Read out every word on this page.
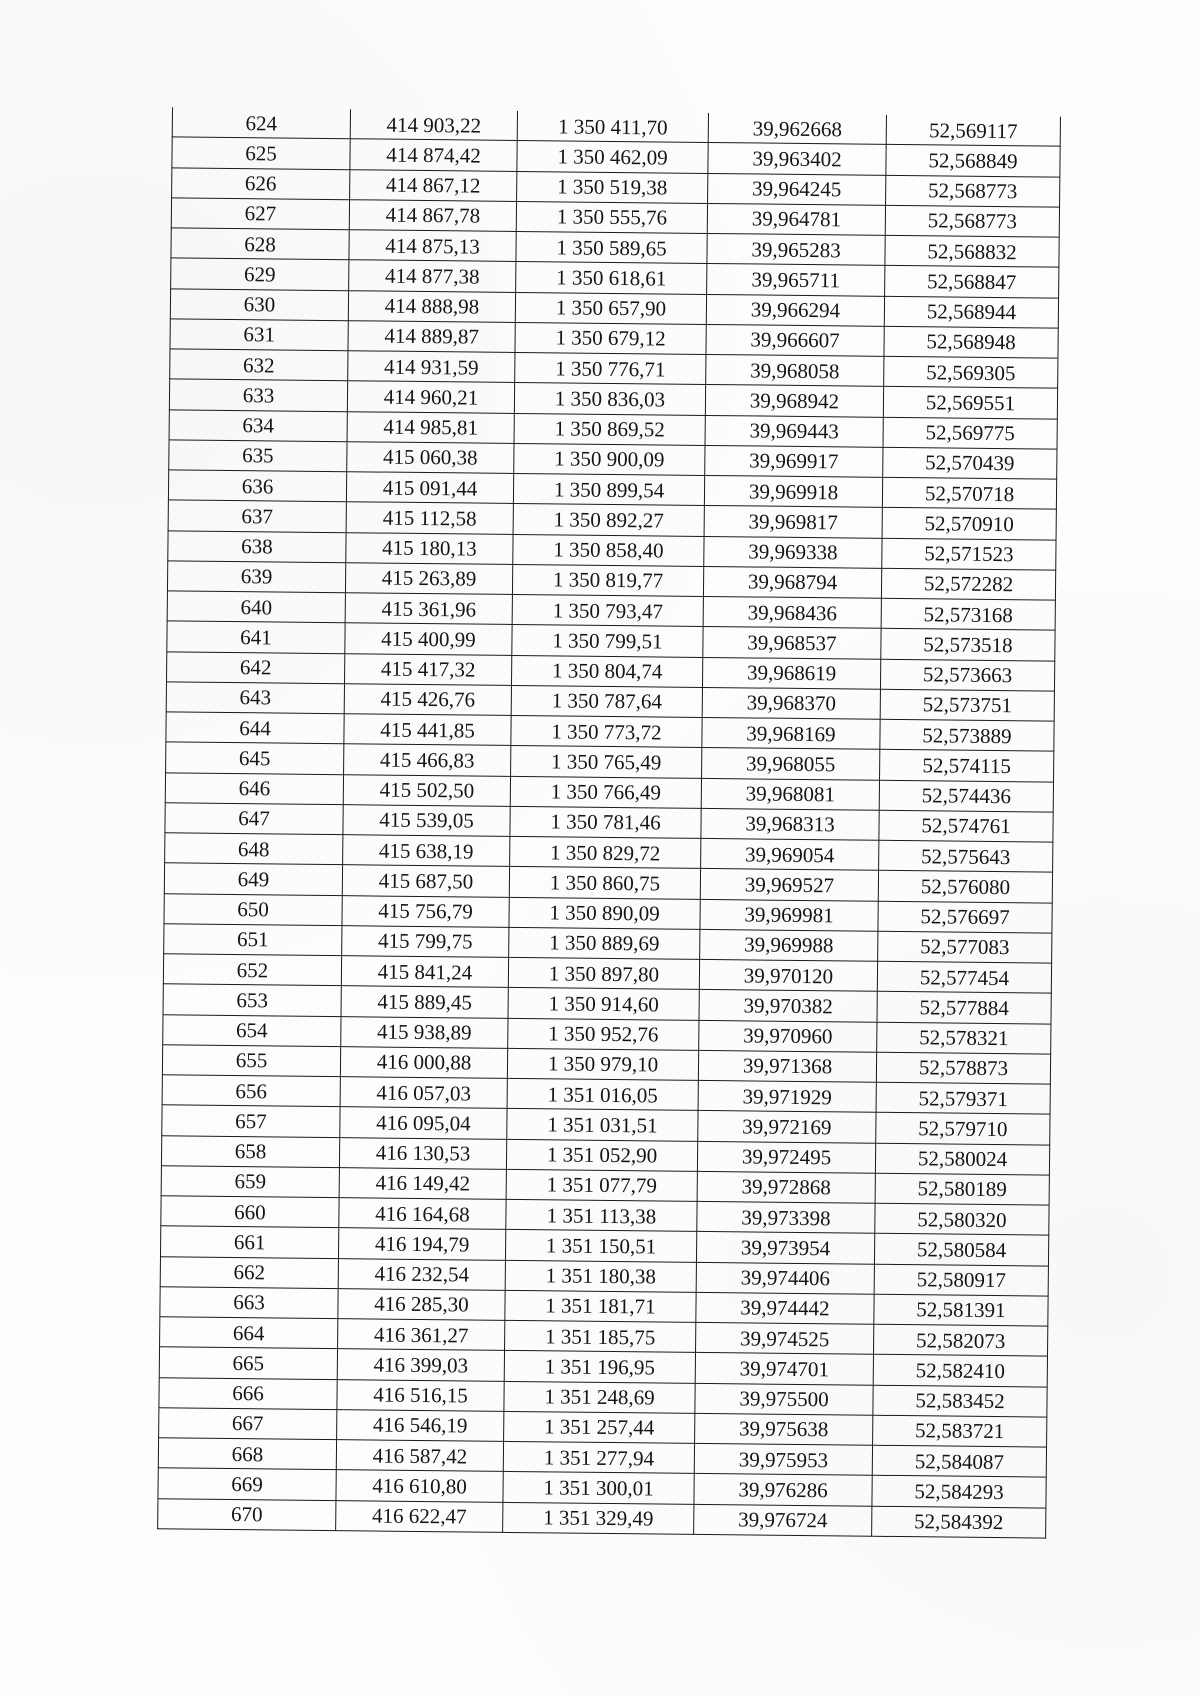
624	414 903,22	1 350 411,70	39,962668	52,569117
625	414 874,42	1 350 462,09	39,963402	52,568849
626	414 867,12	1 350 519,38	39,964245	52,568773
627	414 867,78	1 350 555,76	39,964781	52,568773
628	414 875,13	1 350 589,65	39,965283	52,568832
629	414 877,38	1 350 618,61	39,965711	52,568847
630	414 888,98	1 350 657,90	39,966294	52,568944
631	414 889,87	1 350 679,12	39,966607	52,568948
632	414 931,59	1 350 776,71	39,968058	52,569305
633	414 960,21	1 350 836,03	39,968942	52,569551
634	414 985,81	1 350 869,52	39,969443	52,569775
635	415 060,38	1 350 900,09	39,969917	52,570439
636	415 091,44	1 350 899,54	39,969918	52,570718
637	415 112,58	1 350 892,27	39,969817	52,570910
638	415 180,13	1 350 858,40	39,969338	52,571523
639	415 263,89	1 350 819,77	39,968794	52,572282
640	415 361,96	1 350 793,47	39,968436	52,573168
641	415 400,99	1 350 799,51	39,968537	52,573518
642	415 417,32	1 350 804,74	39,968619	52,573663
643	415 426,76	1 350 787,64	39,968370	52,573751
644	415 441,85	1 350 773,72	39,968169	52,573889
645	415 466,83	1 350 765,49	39,968055	52,574115
646	415 502,50	1 350 766,49	39,968081	52,574436
647	415 539,05	1 350 781,46	39,968313	52,574761
648	415 638,19	1 350 829,72	39,969054	52,575643
649	415 687,50	1 350 860,75	39,969527	52,576080
650	415 756,79	1 350 890,09	39,969981	52,576697
651	415 799,75	1 350 889,69	39,969988	52,577083
652	415 841,24	1 350 897,80	39,970120	52,577454
653	415 889,45	1 350 914,60	39,970382	52,577884
654	415 938,89	1 350 952,76	39,970960	52,578321
655	416 000,88	1 350 979,10	39,971368	52,578873
656	416 057,03	1 351 016,05	39,971929	52,579371
657	416 095,04	1 351 031,51	39,972169	52,579710
658	416 130,53	1 351 052,90	39,972495	52,580024
659	416 149,42	1 351 077,79	39,972868	52,580189
660	416 164,68	1 351 113,38	39,973398	52,580320
661	416 194,79	1 351 150,51	39,973954	52,580584
662	416 232,54	1 351 180,38	39,974406	52,580917
663	416 285,30	1 351 181,71	39,974442	52,581391
664	416 361,27	1 351 185,75	39,974525	52,582073
665	416 399,03	1 351 196,95	39,974701	52,582410
666	416 516,15	1 351 248,69	39,975500	52,583452
667	416 546,19	1 351 257,44	39,975638	52,583721
668	416 587,42	1 351 277,94	39,975953	52,584087
669	416 610,80	1 351 300,01	39,976286	52,584293
670	416 622,47	1 351 329,49	39,976724	52,584392
